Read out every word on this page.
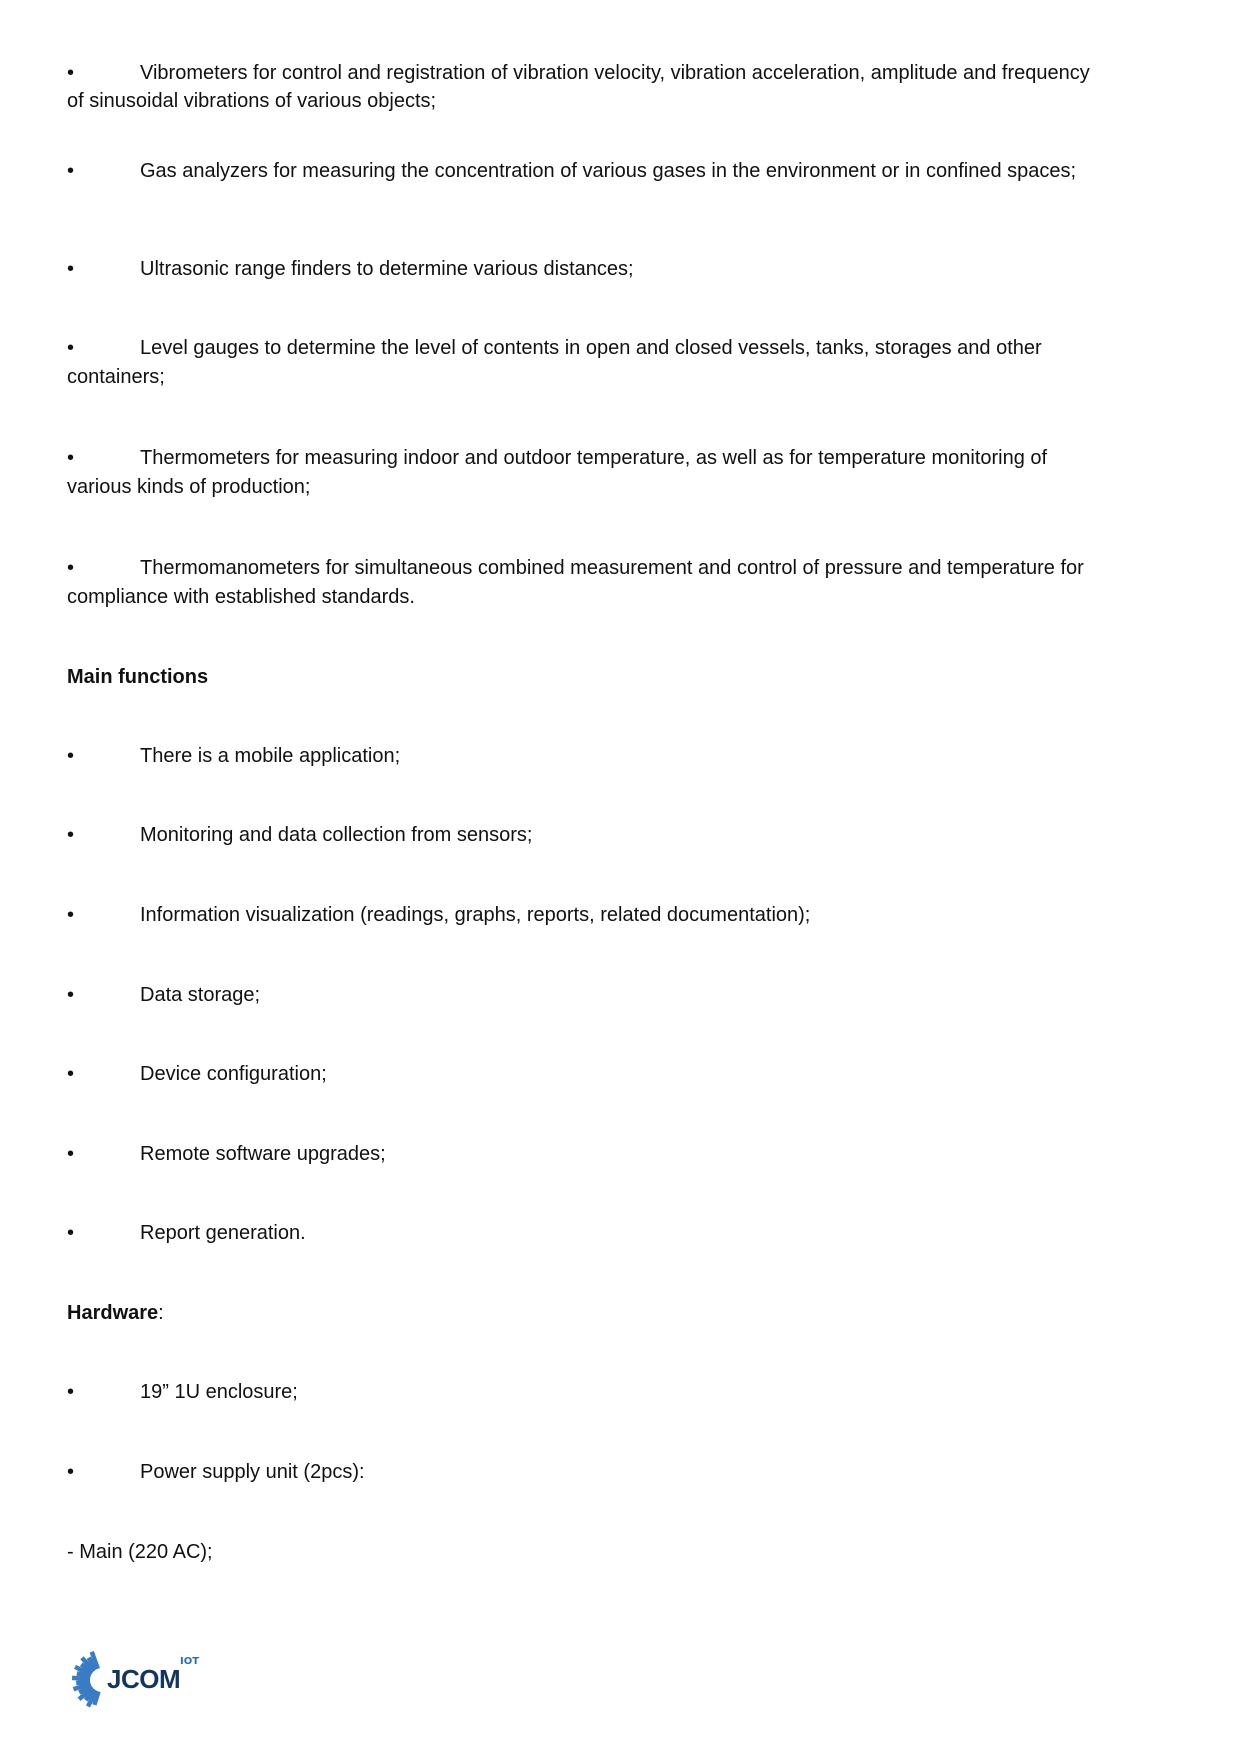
•	Vibrometers for control and registration of vibration velocity, vibration acceleration, amplitude and frequency
of sinusoidal vibrations of various objects;
•	Gas analyzers for measuring the concentration of various gases in the environment or in confined spaces;
•	Ultrasonic range finders to determine various distances;
•	Level gauges to determine the level of contents in open and closed vessels, tanks, storages and other
containers;
•	Thermometers for measuring indoor and outdoor temperature, as well as for temperature monitoring of
various kinds of production;
•	Thermomanometers for simultaneous combined measurement and control of pressure and temperature for
compliance with established standards.
Main functions
•	There is a mobile application;
•	Monitoring and data collection from sensors;
•	Information visualization (readings, graphs, reports, related documentation);
•	Data storage;
•	Device configuration;
•	Remote software upgrades;
•	Report generation.
Hardware:
•	19” 1U enclosure;
•	Power supply unit (2pcs):
- Main (220 AC);
JCOM
IOT
